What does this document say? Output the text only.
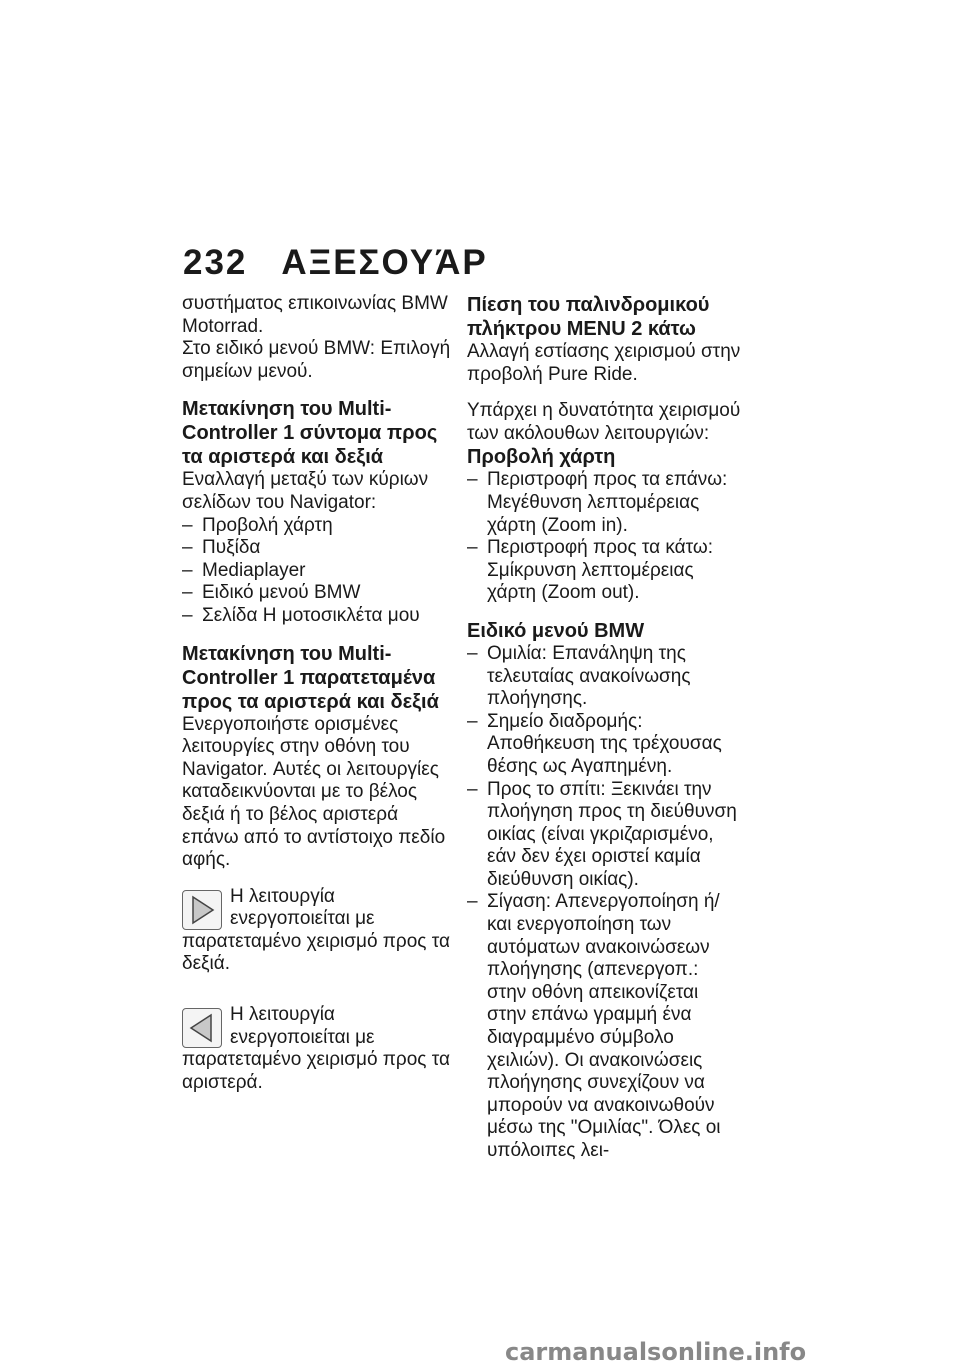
232 ΑΞΕΣΟΥΆΡ

συστήματος επικοινωνίας BMW Motorrad.

Στο ειδικό μενού BMW: Επιλογή σημείων μενού.

Μετακίνηση του Multi-Controller 1 σύντομα προς τα αριστερά και δεξιά

Εναλλαγή μεταξύ των κύριων σελίδων του Navigator:

– Προβολή χάρτη

– Πυξίδα

– Mediaplayer

– Ειδικό μενού BMW

– Σελίδα Η μοτοσικλέτα μου

Μετακίνηση του Multi-Controller 1 παρατεταμένα προς τα αριστερά και δεξιά

Ενεργοποιήστε ορισμένες λειτουργίες στην οθόνη του Navigator. Αυτές οι λειτουργίες καταδεικνύονται με το βέλος δεξιά ή το βέλος αριστερά επάνω από το αντίστοιχο πεδίο αφής.

Η λειτουργία ενεργοποιείται με παρατεταμένο χειρισμό προς τα δεξιά.

Η λειτουργία ενεργοποιείται με παρατεταμένο χειρισμό προς τα αριστερά.

Πίεση του παλινδρομικού πλήκτρου MENU 2 κάτω

Αλλαγή εστίασης χειρισμού στην προβολή Pure Ride.

Υπάρχει η δυνατότητα χειρισμού των ακόλουθων λειτουργιών:

Προβολή χάρτη

– Περιστροφή προς τα επάνω: Μεγέθυνση λεπτομέρειας χάρτη (Zoom in).

– Περιστροφή προς τα κάτω: Σμίκρυνση λεπτομέρειας χάρτη (Zoom out).

Ειδικό μενού BMW

– Ομιλία: Επανάληψη της τελευταίας ανακοίνωσης πλοήγησης.

– Σημείο διαδρομής: Αποθήκευση της τρέχουσας θέσης ως Αγαπημένη.

– Προς το σπίτι: Ξεκινάει την πλοήγηση προς τη διεύθυνση οικίας (είναι γκριζαρισμένο, εάν δεν έχει οριστεί καμία διεύθυνση οικίας).

– Σίγαση: Απενεργοποίηση ή/και ενεργοποίηση των αυτόματων ανακοινώσεων πλοήγησης (απενεργοπ.: στην οθόνη απεικονίζεται στην επάνω γραμμή ένα διαγραμμένο σύμβολο χειλιών). Οι ανακοινώσεις πλοήγησης συνεχίζουν να μπορούν να ανακοινωθούν μέσω της "Ομιλίας". Όλες οι υπόλοιπες λει-

carmanualsonline.info
